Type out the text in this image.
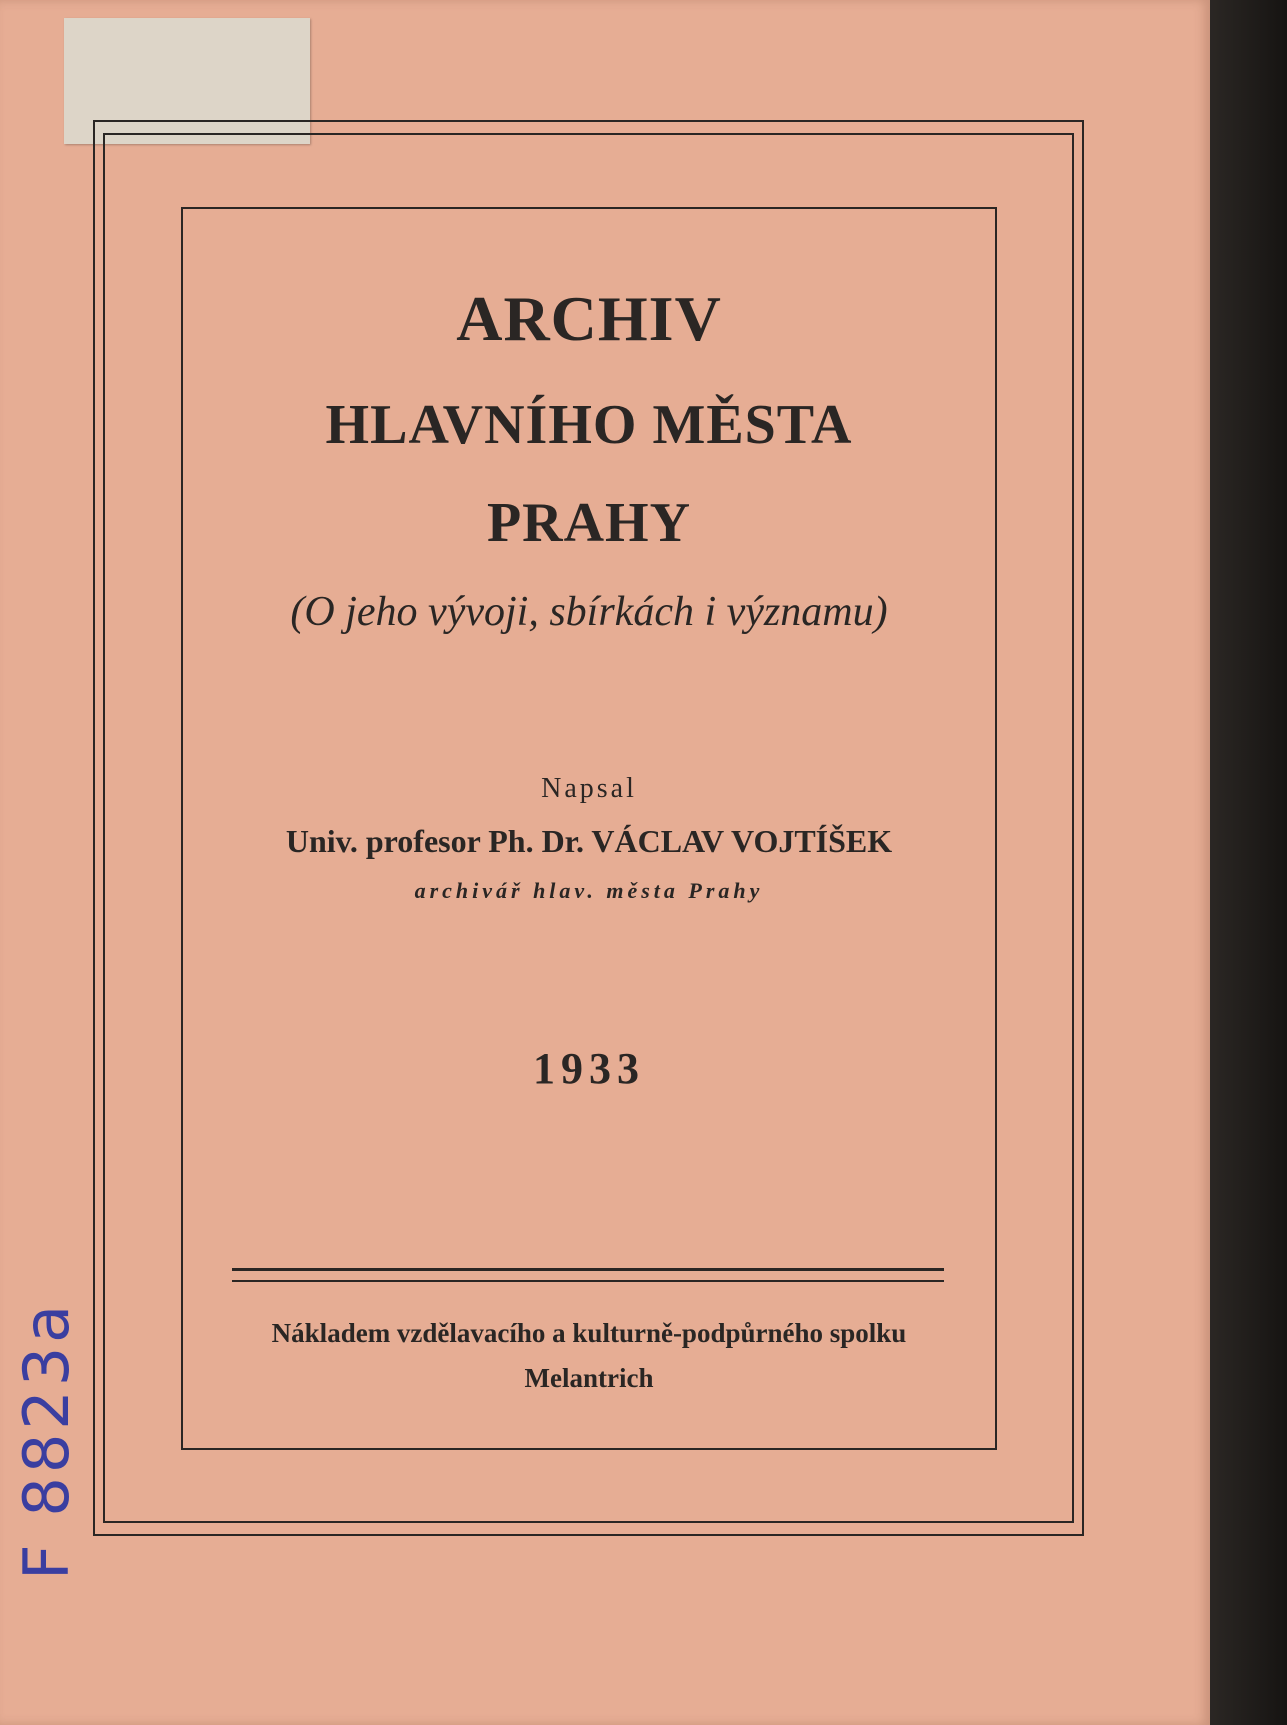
ARCHIV
HLAVNÍHO MĚSTA
PRAHY
(O jeho vývoji, sbírkách i významu)
Napsal
Univ. profesor Ph. Dr. VÁCLAV VOJTÍŠEK
archivář hlav. města Prahy
1933
Nákladem vzdělavacího a kulturně-podpůrného spolku
Melantrich
F 8823a
